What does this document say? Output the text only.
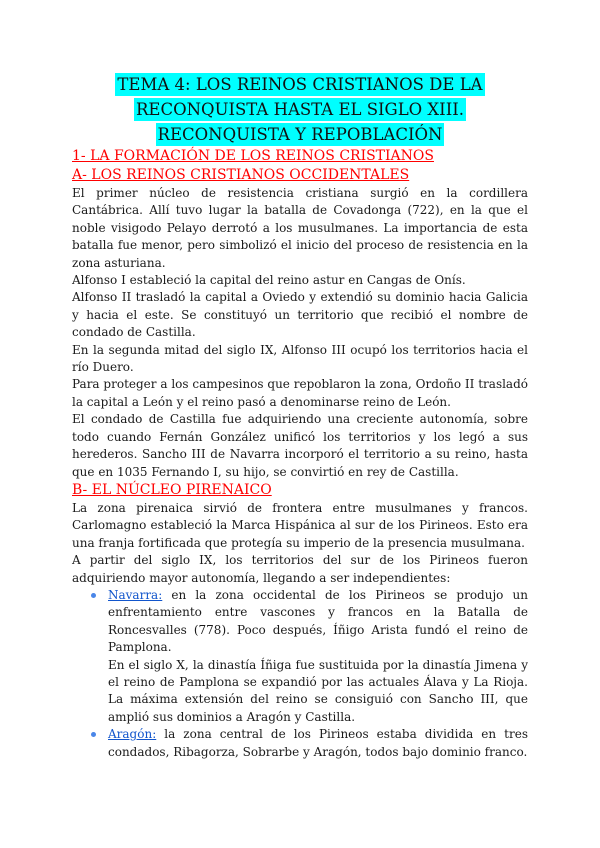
TEMA 4: LOS REINOS CRISTIANOS DE LA
RECONQUISTA HASTA EL SIGLO XIII.
RECONQUISTA Y REPOBLACIÓN
1- LA FORMACIÓN DE LOS REINOS CRISTIANOS
A- LOS REINOS CRISTIANOS OCCIDENTALES

El primer núcleo de resistencia cristiana surgió en la cordillera Cantábrica. Allí tuvo lugar la batalla de Covadonga (722), en la que el noble visigodo Pelayo derrotó a los musulmanes. La importancia de esta batalla fue menor, pero simbolizó el inicio del proceso de resistencia en la zona asturiana.

Alfonso I estableció la capital del reino astur en Cangas de Onís.

Alfonso II trasladó la capital a Oviedo y extendió su dominio hacia Galicia y hacia el este. Se constituyó un territorio que recibió el nombre de condado de Castilla.

En la segunda mitad del siglo IX, Alfonso III ocupó los territorios hacia el río Duero.

Para proteger a los campesinos que repoblaron la zona, Ordoño II trasladó la capital a León y el reino pasó a denominarse reino de León.

El condado de Castilla fue adquiriendo una creciente autonomía, sobre todo cuando Fernán González unificó los territorios y los legó a sus herederos. Sancho III de Navarra incorporó el territorio a su reino, hasta que en 1035 Fernando I, su hijo, se convirtió en rey de Castilla.

B- EL NÚCLEO PIRENAICO

La zona pirenaica sirvió de frontera entre musulmanes y francos. Carlomagno estableció la Marca Hispánica al sur de los Pirineos. Esto era una franja fortificada que protegía su imperio de la presencia musulmana.

A partir del siglo IX, los territorios del sur de los Pirineos fueron adquiriendo mayor autonomía, llegando a ser independientes:

Navarra: en la zona occidental de los Pirineos se produjo un enfrentamiento entre vascones y francos en la Batalla de Roncesvalles (778). Poco después, Íñigo Arista fundó el reino de Pamplona.

En el siglo X, la dinastía Íñiga fue sustituida por la dinastía Jimena y el reino de Pamplona se expandió por las actuales Álava y La Rioja. La máxima extensión del reino se consiguió con Sancho III, que amplió sus dominios a Aragón y Castilla.

Aragón: la zona central de los Pirineos estaba dividida en tres condados, Ribagorza, Sobrarbe y Aragón, todos bajo dominio franco.
